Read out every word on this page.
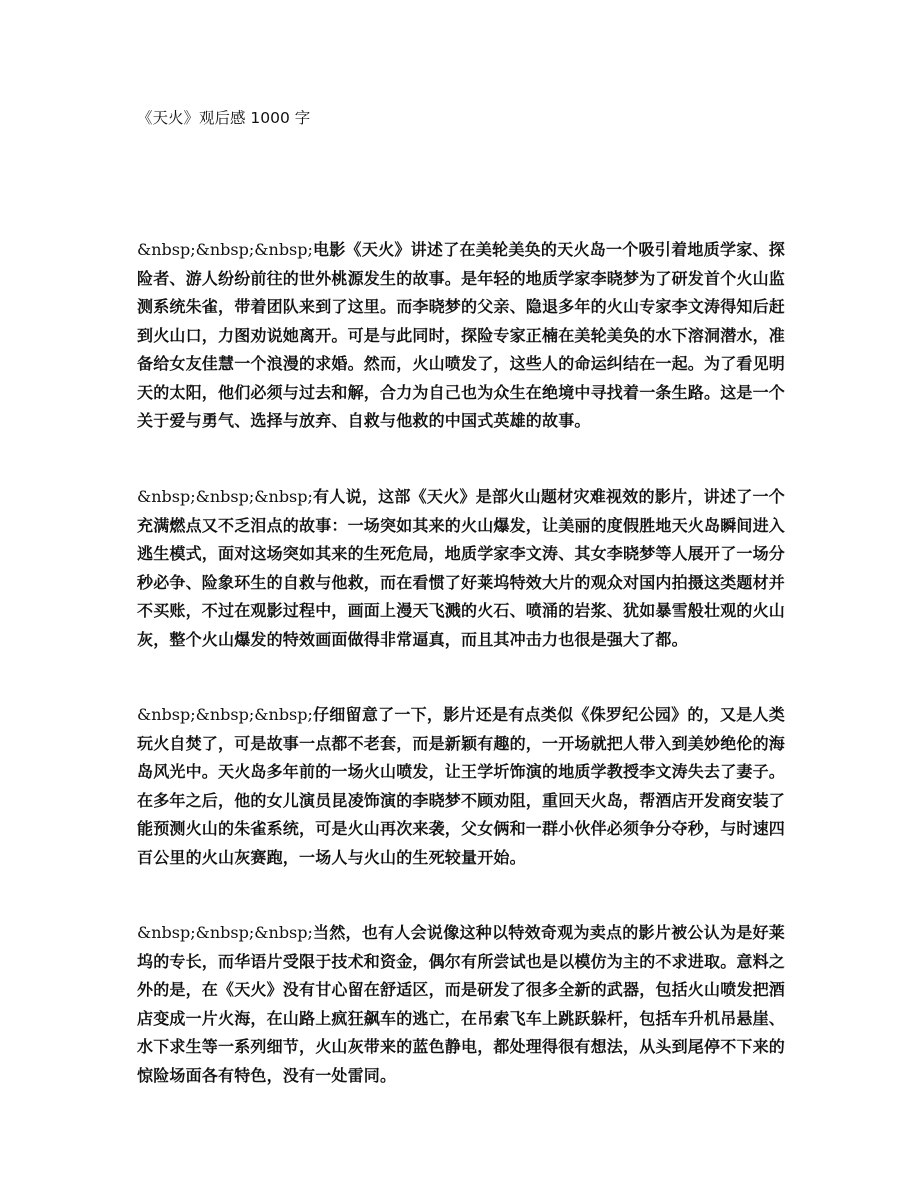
《天火》观后感 1000 字
&nbsp;&nbsp;&nbsp;电影《天火》讲述了在美轮美奂的天火岛一个吸引着地质学家、探险者、游人纷纷前往的世外桃源发生的故事。是年轻的地质学家李晓梦为了研发首个火山监测系统朱雀，带着团队来到了这里。而李晓梦的父亲、隐退多年的火山专家李文涛得知后赶到火山口，力图劝说她离开。可是与此同时，探险专家正楠在美轮美奂的水下溶洞潜水，准备给女友佳慧一个浪漫的求婚。然而，火山喷发了，这些人的命运纠结在一起。为了看见明天的太阳，他们必须与过去和解，合力为自己也为众生在绝境中寻找着一条生路。这是一个关于爱与勇气、选择与放弃、自救与他救的中国式英雄的故事。
&nbsp;&nbsp;&nbsp;有人说，这部《天火》是部火山题材灾难视效的影片，讲述了一个充满燃点又不乏泪点的故事：一场突如其来的火山爆发，让美丽的度假胜地天火岛瞬间进入逃生模式，面对这场突如其来的生死危局，地质学家李文涛、其女李晓梦等人展开了一场分秒必争、险象环生的自救与他救，而在看惯了好莱坞特效大片的观众对国内拍摄这类题材并不买账，不过在观影过程中，画面上漫天飞溅的火石、喷涌的岩浆、犹如暴雪般壮观的火山灰，整个火山爆发的特效画面做得非常逼真，而且其冲击力也很是强大了都。
&nbsp;&nbsp;&nbsp;仔细留意了一下，影片还是有点类似《侏罗纪公园》的，又是人类玩火自焚了，可是故事一点都不老套，而是新颖有趣的，一开场就把人带入到美妙绝伦的海岛风光中。天火岛多年前的一场火山喷发，让王学圻饰演的地质学教授李文涛失去了妻子。在多年之后，他的女儿演员昆凌饰演的李晓梦不顾劝阻，重回天火岛，帮酒店开发商安装了能预测火山的朱雀系统，可是火山再次来袭，父女俩和一群小伙伴必须争分夺秒，与时速四百公里的火山灰赛跑，一场人与火山的生死较量开始。
&nbsp;&nbsp;&nbsp;当然，也有人会说像这种以特效奇观为卖点的影片被公认为是好莱坞的专长，而华语片受限于技术和资金，偶尔有所尝试也是以模仿为主的不求进取。意料之外的是，在《天火》没有甘心留在舒适区，而是研发了很多全新的武器，包括火山喷发把酒店变成一片火海，在山路上疯狂飙车的逃亡，在吊索飞车上跳跃躲杆，包括车升机吊悬崖、水下求生等一系列细节，火山灰带来的蓝色静电，都处理得很有想法，从头到尾停不下来的惊险场面各有特色，没有一处雷同。
